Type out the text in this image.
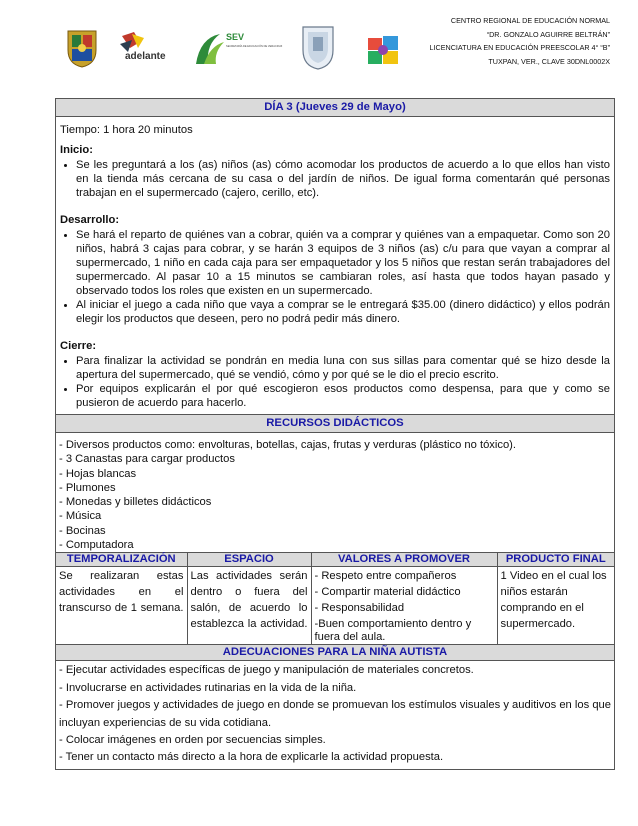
adelante
SEV
SECRETARÍA DE EDUCACIÓN DE VERACRUZ
CENTRO REGIONAL DE EDUCACIÓN NORMAL
“DR. GONZALO AGUIRRE BELTRÁN”
LICENCIATURA EN EDUCACIÓN PREESCOLAR 4° “B”
TUXPAN, VER., CLAVE 30DNL0002X
DÍA 3 (Jueves 29 de Mayo)
Tiempo: 1 hora 20 minutos
Inicio:
• Se les preguntará a los (as) niños (as) cómo acomodar los productos de acuerdo a lo que ellos han visto en la tienda más cercana de su casa o del jardín de niños. De igual forma comentarán qué personas trabajan en el supermercado (cajero, cerillo, etc).
Desarrollo:
• Se hará el reparto de quiénes van a cobrar, quién va a comprar y quiénes van a empaquetar. Como son 20 niños, habrá 3 cajas para cobrar, y se harán 3 equipos de 3 niños (as) c/u para que vayan a comprar al supermercado, 1 niño en cada caja para ser empaquetador y los 5 niños que restan serán trabajadores del supermercado. Al pasar 10 a 15 minutos se cambiaran roles, así hasta que todos hayan pasado y observado todos los roles que existen en un supermercado.
• Al iniciar el juego a cada niño que vaya a comprar se le entregará $35.00 (dinero didáctico) y ellos podrán elegir los productos que deseen, pero no podrá pedir más dinero.
Cierre:
• Para finalizar la actividad se pondrán en media luna con sus sillas para comentar qué se hizo desde la apertura del supermercado, qué se vendió, cómo y por qué se le dio el precio escrito.
• Por equipos explicarán el por qué escogieron esos productos como despensa, para que y como se pusieron de acuerdo para hacerlo.
RECURSOS DIDÁCTICOS
- Diversos productos como: envolturas, botellas, cajas, frutas y verduras (plástico no tóxico).
- 3 Canastas para cargar productos
- Hojas blancas
- Plumones
- Monedas y billetes didácticos
- Música
- Bocinas
- Computadora
TEMPORALIZACIÓN	ESPACIO	VALORES A PROMOVER	PRODUCTO FINAL
Se realizaran estas actividades en el transcurso de 1 semana.	Las actividades serán dentro o fuera del salón, de acuerdo lo establezca la actividad.	- Respeto entre compañeros
- Compartir material didáctico
- Responsabilidad
-Buen comportamiento dentro y fuera del aula.	1 Video en el cual los niños estarán comprando en el supermercado.
ADECUACIONES PARA LA NIÑA AUTISTA
- Ejecutar actividades específicas de juego y manipulación de materiales concretos.
- Involucrarse en actividades rutinarias en la vida de la niña.
- Promover juegos y actividades de juego en donde se promuevan los estímulos visuales y auditivos en los que incluyan experiencias de su vida cotidiana.
- Colocar imágenes en orden por secuencias simples.
- Tener un contacto más directo a la hora de explicarle la actividad propuesta.
